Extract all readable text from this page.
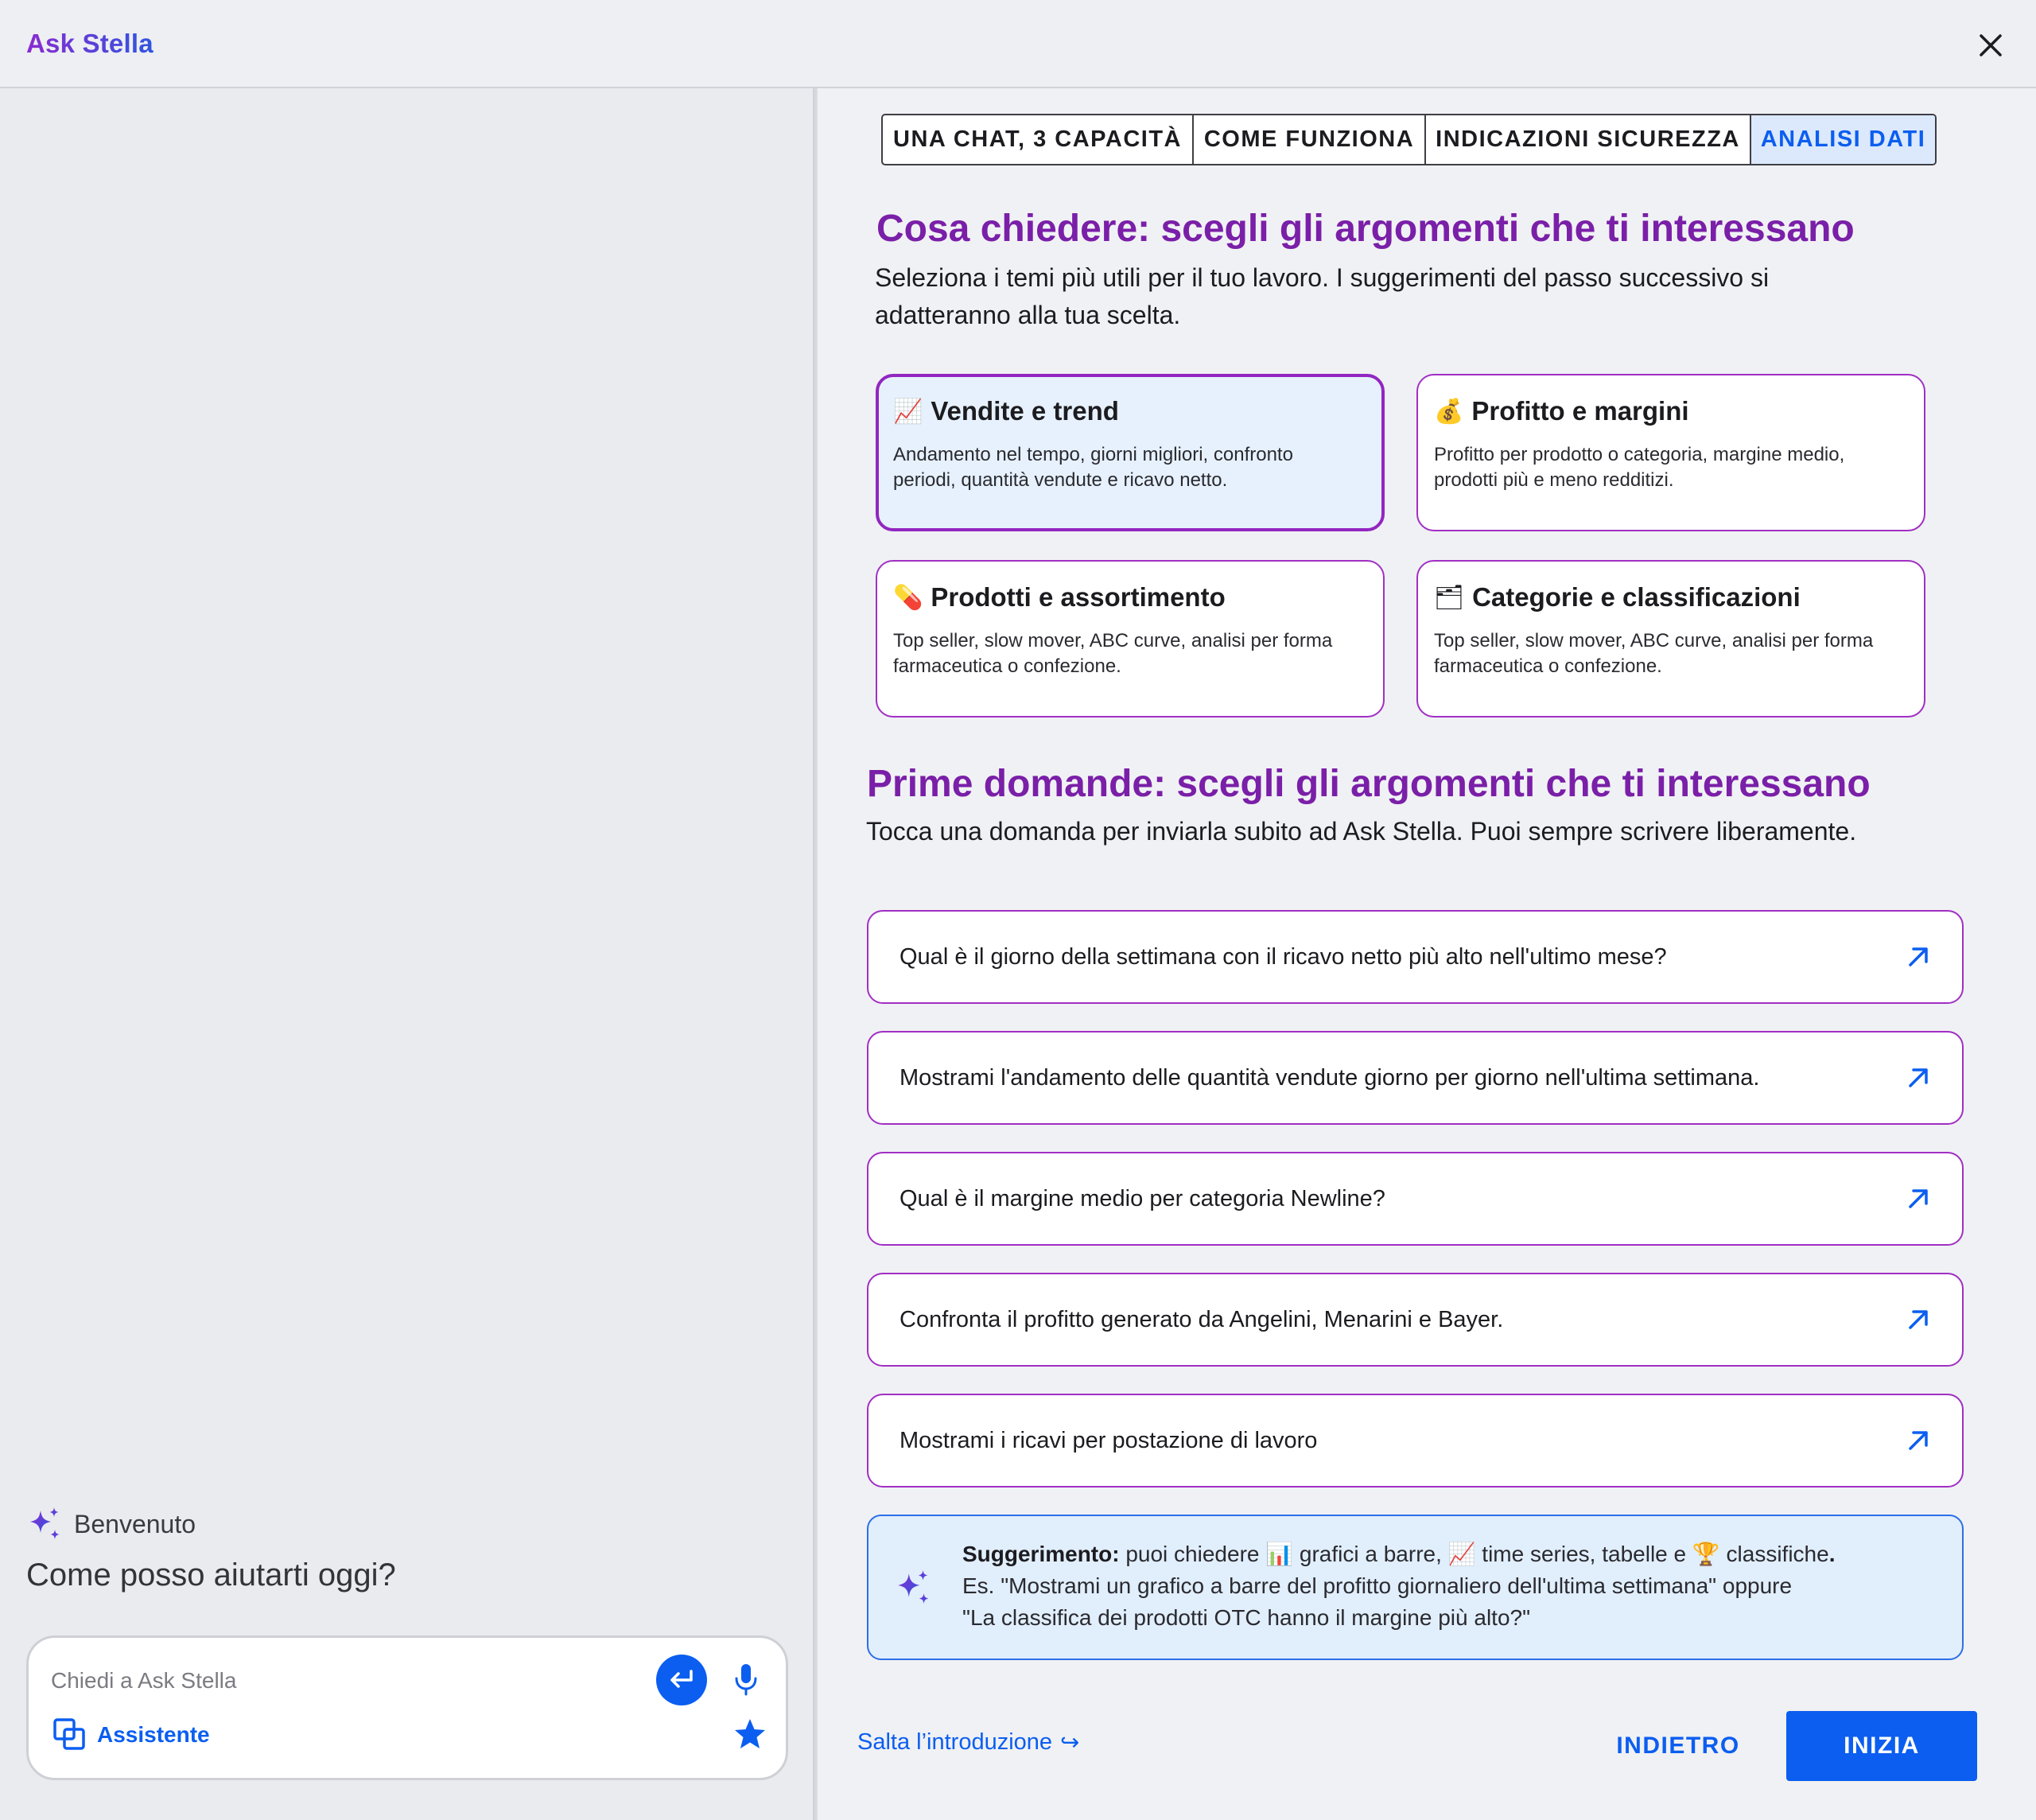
Ask Stella
Benvenuto
Come posso aiutarti oggi?
Chiedi a Ask Stella
Assistente
UNA CHAT, 3 CAPACITÀ COME FUNZIONA INDICAZIONI SICUREZZA ANALISI DATI
Cosa chiedere: scegli gli argomenti che ti interessano
Seleziona i temi più utili per il tuo lavoro. I suggerimenti del passo successivo si adatteranno alla tua scelta.
📈 Vendite e trend
Andamento nel tempo, giorni migliori, confronto periodi, quantità vendute e ricavo netto.
💰 Profitto e margini
Profitto per prodotto o categoria, margine medio, prodotti più e meno redditizi.
💊 Prodotti e assortimento
Top seller, slow mover, ABC curve, analisi per forma farmaceutica o confezione.
🗂 Categorie e classificazioni
Top seller, slow mover, ABC curve, analisi per forma farmaceutica o confezione.
Prime domande: scegli gli argomenti che ti interessano
Tocca una domanda per inviarla subito ad Ask Stella. Puoi sempre scrivere liberamente.
Qual è il giorno della settimana con il ricavo netto più alto nell'ultimo mese?
Mostrami l'andamento delle quantità vendute giorno per giorno nell'ultima settimana.
Qual è il margine medio per categoria Newline?
Confronta il profitto generato da Angelini, Menarini e Bayer.
Mostrami i ricavi per postazione di lavoro
Suggerimento: puoi chiedere 📊 grafici a barre, 📈 time series, tabelle e 🏆 classifiche.
Es. "Mostrami un grafico a barre del profitto giornaliero dell'ultima settimana" oppure
"La classifica dei prodotti OTC hanno il margine più alto?"
Salta l’introduzione ↪	INDIETRO	INIZIA
